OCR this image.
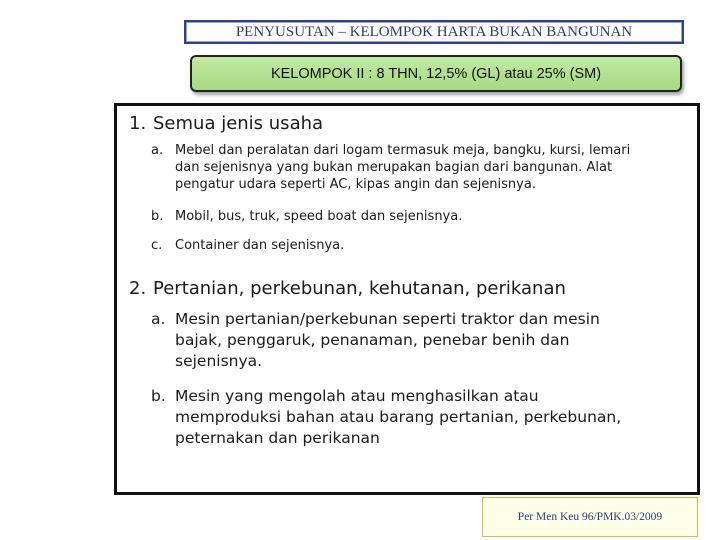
PENYUSUTAN – KELOMPOK HARTA BUKAN BANGUNAN
KELOMPOK II : 8 THN, 12,5% (GL) atau 25% (SM)
1. Semua jenis usaha
a. Mebel dan peralatan dari logam termasuk meja, bangku, kursi, lemari
dan sejenisnya yang bukan merupakan bagian dari bangunan. Alat
pengatur udara seperti AC, kipas angin dan sejenisnya.
b. Mobil, bus, truk, speed boat dan sejenisnya.
c. Container dan sejenisnya.
2. Pertanian, perkebunan, kehutanan, perikanan
a. Mesin pertanian/perkebunan seperti traktor dan mesin
bajak, penggaruk, penanaman, penebar benih dan
sejenisnya.
b. Mesin yang mengolah atau menghasilkan atau
memproduksi bahan atau barang pertanian, perkebunan,
peternakan dan perikanan
Per Men Keu 96/PMK.03/2009
